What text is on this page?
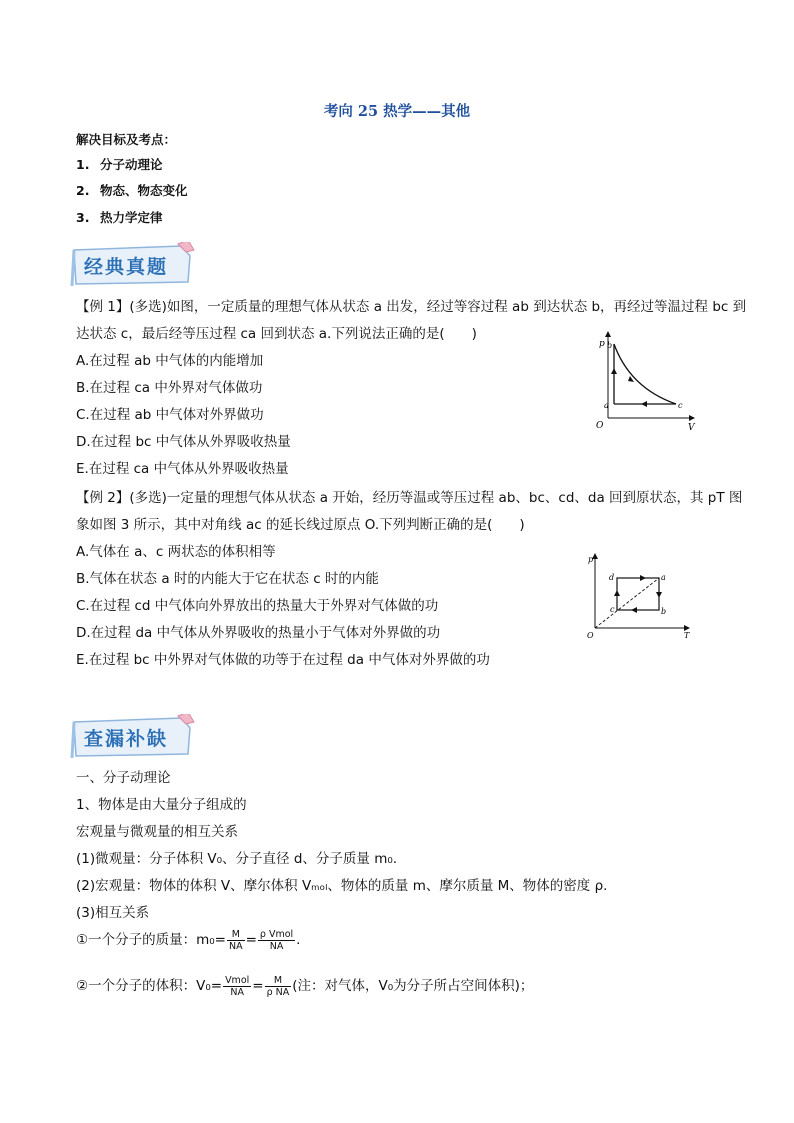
考向 25 热学——其他
解决目标及考点：
1. 分子动理论
2. 物态、物态变化
3. 热力学定律
经典真题
【例 1】(多选)如图，一定质量的理想气体从状态 a 出发，经过等容过程 ab 到达状态 b，再经过等温过程 bc 到
达状态 c，最后经等压过程 ca 回到状态 a.下列说法正确的是(　　)
A.在过程 ab 中气体的内能增加
B.在过程 ca 中外界对气体做功
C.在过程 ab 中气体对外界做功
D.在过程 bc 中气体从外界吸收热量
E.在过程 ca 中气体从外界吸收热量
p
V
O
b
a	c
【例 2】(多选)一定量的理想气体从状态 a 开始，经历等温或等压过程 ab、bc、cd、da 回到原状态，其 pT 图
象如图 3 所示，其中对角线 ac 的延长线过原点 O.下列判断正确的是(　　)
A.气体在 a、c 两状态的体积相等
B.气体在状态 a 时的内能大于它在状态 c 时的内能
C.在过程 cd 中气体向外界放出的热量大于外界对气体做的功
D.在过程 da 中气体从外界吸收的热量小于气体对外界做的功
E.在过程 bc 中外界对气体做的功等于在过程 da 中气体对外界做的功
p
T
O
d	a
c	b
查漏补缺
一、分子动理论
1、物体是由大量分子组成的
宏观量与微观量的相互关系
(1)微观量：分子体积 V₀、分子直径 d、分子质量 m₀.
(2)宏观量：物体的体积 V、摩尔体积 Vₘₒₗ、物体的质量 m、摩尔质量 M、物体的密度 ρ.
(3)相互关系
①一个分子的质量：$m_0= \frac{M}{NA} = \frac{\text{ρ Vmol}}{NA}$ .
②一个分子的体积：$V_0= \frac{\text{Vmol}}{NA} = \frac{M}{\text{ρ NA}}$ (注：对气体，V₀为分子所占空间体积)；
